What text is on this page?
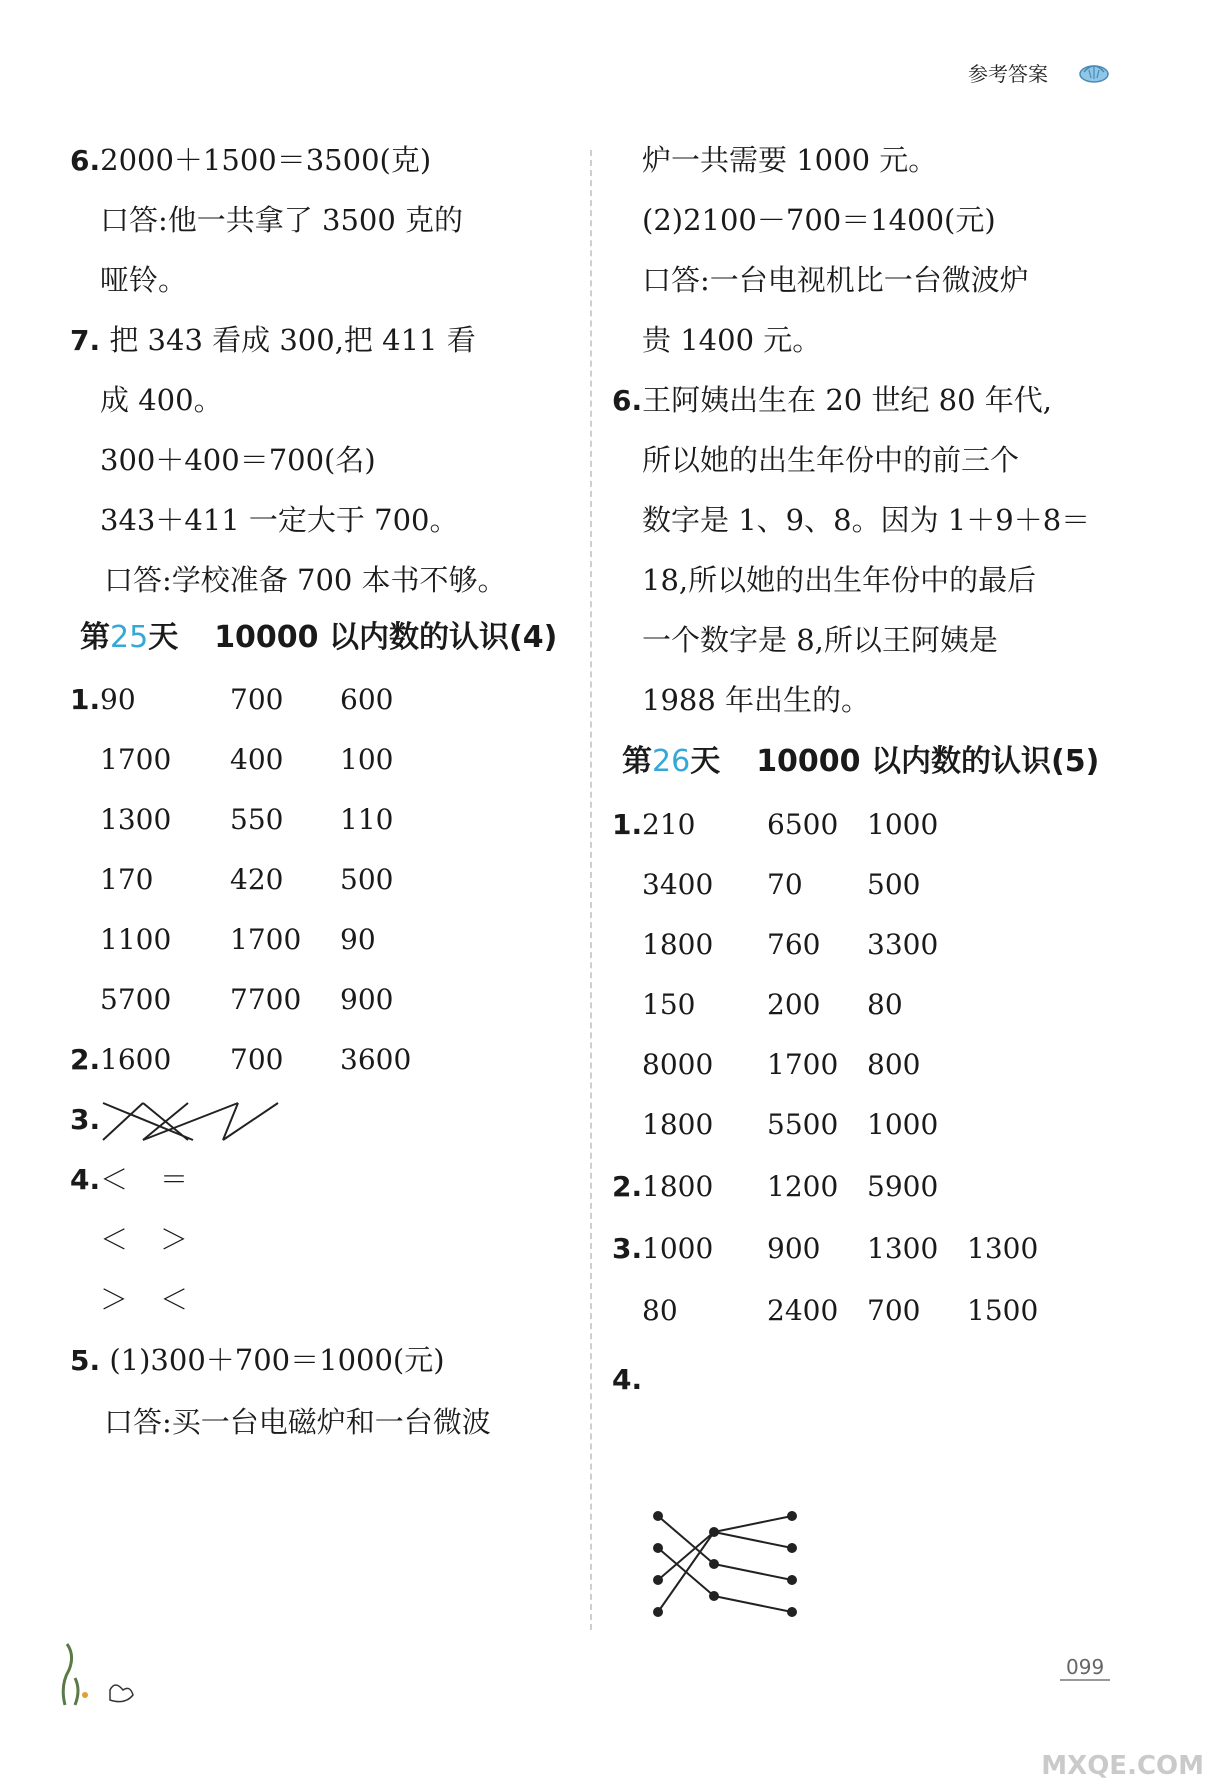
参考答案
6.2000＋1500＝3500(克)
口答:他一共拿了 3500 克的
哑铃。
7. 把 343 看成 300,把 411 看
成 400。
300＋400＝700(名)
343＋411 一定大于 700。
口答:学校准备 700 本书不够。
第25天 10000 以内数的认识(4)
1. 90	700 600
1700 400 100
1300 550 110
170	420 500
1100 1700 90
5700 7700 900
2. 1600 700 3600
3.
4. ＜ ＝
＜ ＞
＞ ＜
5. (1)300＋700＝1000(元)
口答:买一台电磁炉和一台微波
炉一共需要 1000 元。
(2)2100－700＝1400(元)
口答:一台电视机比一台微波炉
贵 1400 元。
6.王阿姨出生在 20 世纪 80 年代,
所以她的出生年份中的前三个
数字是 1、9、8。因为 1＋9＋8＝
18,所以她的出生年份中的最后
一个数字是 8,所以王阿姨是
1988 年出生的。
第26天 10000 以内数的认识(5)
1. 210	6500 1000
3400 70 500
1800 760 3300
150	200 80
8000 1700 800
1800 5500 1000
2. 1800 1200 5900
3. 1000 900 1300 1300
80	2400 700 1500
4.
099
MXQE.COM
